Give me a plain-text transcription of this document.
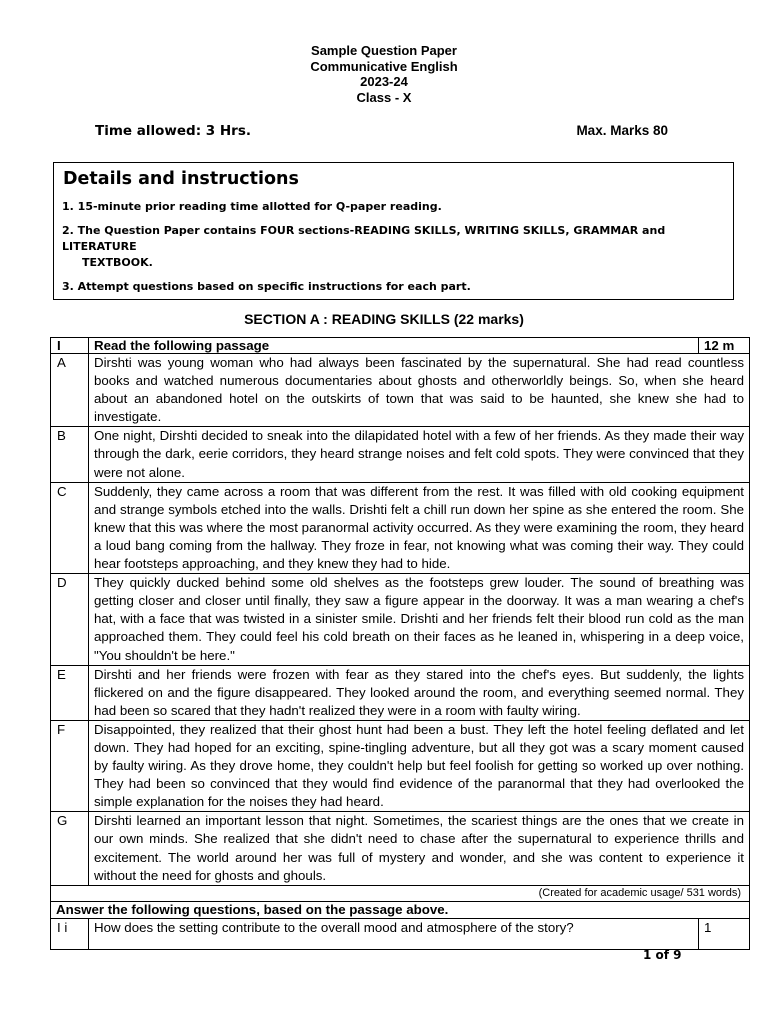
Sample Question Paper
Communicative English
2023-24
Class - X
Time allowed: 3 Hrs.	Max. Marks 80
Details and instructions
1. 15-minute prior reading time allotted for Q-paper reading.
2. The Question Paper contains FOUR sections-READING SKILLS, WRITING SKILLS, GRAMMAR and LITERATURE
TEXTBOOK.
3. Attempt questions based on specific instructions for each part.
SECTION A : READING SKILLS (22 marks)
I	Read the following passage	12 m
A	Dirshti was young woman who had always been fascinated by the supernatural. She had read countless books and watched numerous documentaries about ghosts and otherworldly beings. So, when she heard about an abandoned hotel on the outskirts of town that was said to be haunted, she knew she had to investigate.	
B	One night, Dirshti decided to sneak into the dilapidated hotel with a few of her friends. As they made their way through the dark, eerie corridors, they heard strange noises and felt cold spots. They were convinced that they were not alone.	
C	Suddenly, they came across a room that was different from the rest. It was filled with old cooking equipment and strange symbols etched into the walls. Drishti felt a chill run down her spine as she entered the room. She knew that this was where the most paranormal activity occurred. As they were examining the room, they heard a loud bang coming from the hallway. They froze in fear, not knowing what was coming their way. They could hear footsteps approaching, and they knew they had to hide.	
D	They quickly ducked behind some old shelves as the footsteps grew louder. The sound of breathing was getting closer and closer until finally, they saw a figure appear in the doorway. It was a man wearing a chef's hat, with a face that was twisted in a sinister smile. Drishti and her friends felt their blood run cold as the man approached them. They could feel his cold breath on their faces as he leaned in, whispering in a deep voice, "You shouldn't be here."	
E	Dirshti and her friends were frozen with fear as they stared into the chef's eyes. But suddenly, the lights flickered on and the figure disappeared. They looked around the room, and everything seemed normal. They had been so scared that they hadn't realized they were in a room with faulty wiring.	
F	Disappointed, they realized that their ghost hunt had been a bust. They left the hotel feeling deflated and let down. They had hoped for an exciting, spine-tingling adventure, but all they got was a scary moment caused by faulty wiring. As they drove home, they couldn't help but feel foolish for getting so worked up over nothing. They had been so convinced that they would find evidence of the paranormal that they had overlooked the simple explanation for the noises they had heard.	
G	Dirshti learned an important lesson that night. Sometimes, the scariest things are the ones that we create in our own minds. She realized that she didn't need to chase after the supernatural to experience thrills and excitement. The world around her was full of mystery and wonder, and she was content to experience it without the need for ghosts and ghouls.	
(Created for academic usage/ 531 words)		
Answer the following questions, based on the passage above.		
I i	How does the setting contribute to the overall mood and atmosphere of the story?	1
1 of 9
